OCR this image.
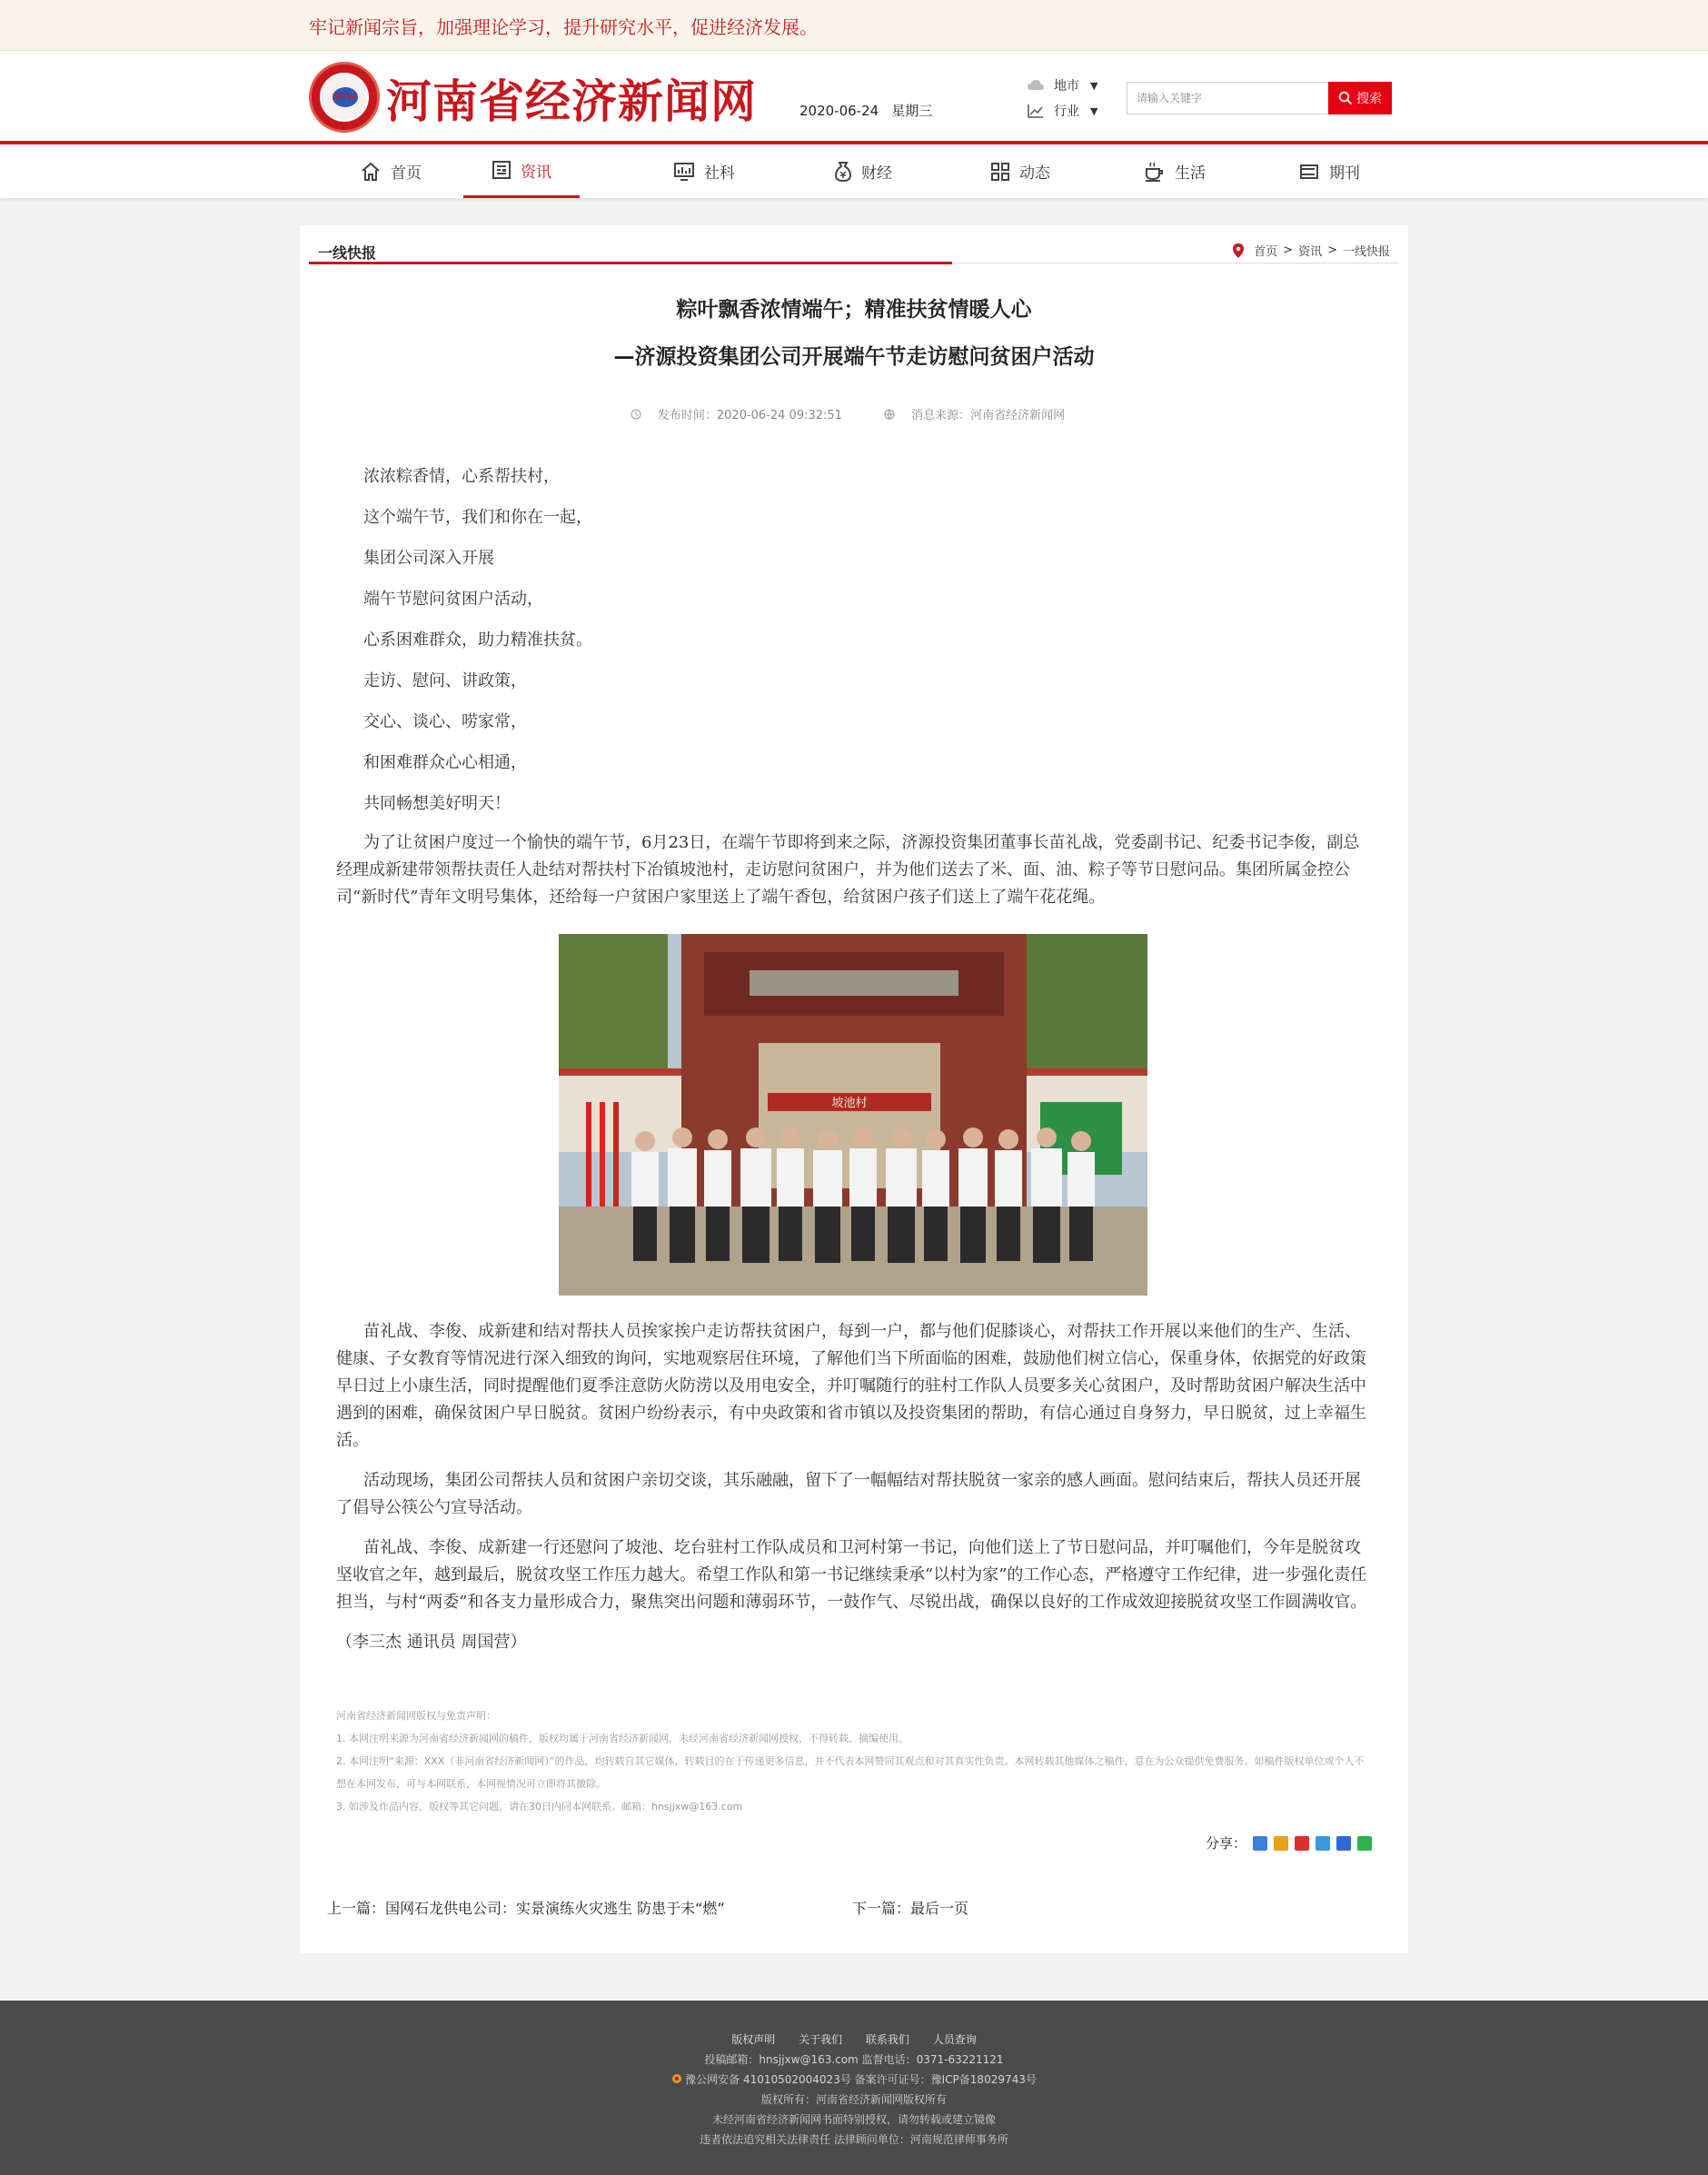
牢记新闻宗旨，加强理论学习，提升研究水平，促进经济发展。
NEW 河南省经济新闻网	2020-06-24 星期三
地市 ▼
行业 ▼
请输入关键字
搜索
首页	资讯	社科	财经	动态	生活	期刊
一线快报	首页 > 资讯 > 一线快报
粽叶飘香浓情端午；精准扶贫情暖人心
—济源投资集团公司开展端午节走访慰问贫困户活动
发布时间：2020-06-24 09:32:51
	消息来源：河南省经济新闻网

浓浓粽香情，心系帮扶村，

这个端午节，我们和你在一起，

集团公司深入开展

端午节慰问贫困户活动，

心系困难群众，助力精准扶贫。

走访、慰问、讲政策，

交心、谈心、唠家常，

和困难群众心心相通，

共同畅想美好明天！

为了让贫困户度过一个愉快的端午节，6月23日，在端午节即将到来之际，济源投资集团董事长苗礼战，党委副书记、纪委书记李俊，副总经理成新建带领帮扶责任人赴结对帮扶村下冶镇坡池村，走访慰问贫困户，并为他们送去了米、面、油、粽子等节日慰问品。集团所属金控公司“新时代”青年文明号集体，还给每一户贫困户家里送上了端午香包，给贫困户孩子们送上了端午花花绳。

苗礼战、李俊、成新建和结对帮扶人员挨家挨户走访帮扶贫困户，每到一户，都与他们促膝谈心，对帮扶工作开展以来他们的生产、生活、健康、子女教育等情况进行深入细致的询问，实地观察居住环境，了解他们当下所面临的困难，鼓励他们树立信心，保重身体，依据党的好政策早日过上小康生活，同时提醒他们夏季注意防火防涝以及用电安全，并叮嘱随行的驻村工作队人员要多关心贫困户，及时帮助贫困户解决生活中遇到的困难，确保贫困户早日脱贫。贫困户纷纷表示，有中央政策和省市镇以及投资集团的帮助，有信心通过自身努力，早日脱贫，过上幸福生活。

活动现场，集团公司帮扶人员和贫困户亲切交谈，其乐融融，留下了一幅幅结对帮扶脱贫一家亲的感人画面。慰问结束后，帮扶人员还开展了倡导公筷公勺宣导活动。

苗礼战、李俊、成新建一行还慰问了坡池、圪台驻村工作队成员和卫河村第一书记，向他们送上了节日慰问品，并叮嘱他们，今年是脱贫攻坚收官之年，越到最后，脱贫攻坚工作压力越大。希望工作队和第一书记继续秉承“以村为家”的工作心态，严格遵守工作纪律，进一步强化责任担当，与村“两委”和各支力量形成合力，聚焦突出问题和薄弱环节，一鼓作气、尽锐出战，确保以良好的工作成效迎接脱贫攻坚工作圆满收官。

（李三杰 通讯员 周国营）

坡池村
河南省经济新闻网版权与免责声明：
1. 本网注明来源为河南省经济新闻网的稿件，版权均属于河南省经济新闻网，未经河南省经济新闻网授权，不得转载、摘编使用。
2. 本网注明“来源：XXX（非河南省经济新闻网）”的作品，均转载自其它媒体，转载目的在于传递更多信息，并不代表本网赞同其观点和对其真实性负责。本网转载其他媒体之稿件，意在为公众提供免费服务。如稿件版权单位或个人不想在本网发布，可与本网联系，本网视情况可立即将其撤除。
3. 如涉及作品内容、版权等其它问题，请在30日内同本网联系。邮箱：hnsjjxw@163.com
分享：
上一篇：国网石龙供电公司：实景演练火灾逃生 防患于未“燃”	下一篇：最后一页
版权声明 关于我们 联系我们 人员查询
投稿邮箱：hnsjjxw@163.com 监督电话：0371-63221121
豫公网安备 41010502004023号 备案许可证号：豫ICP备18029743号
版权所有：河南省经济新闻网版权所有
未经河南省经济新闻网书面特别授权，请勿转载或建立镜像
违者依法追究相关法律责任 法律顾问单位：河南规范律师事务所
